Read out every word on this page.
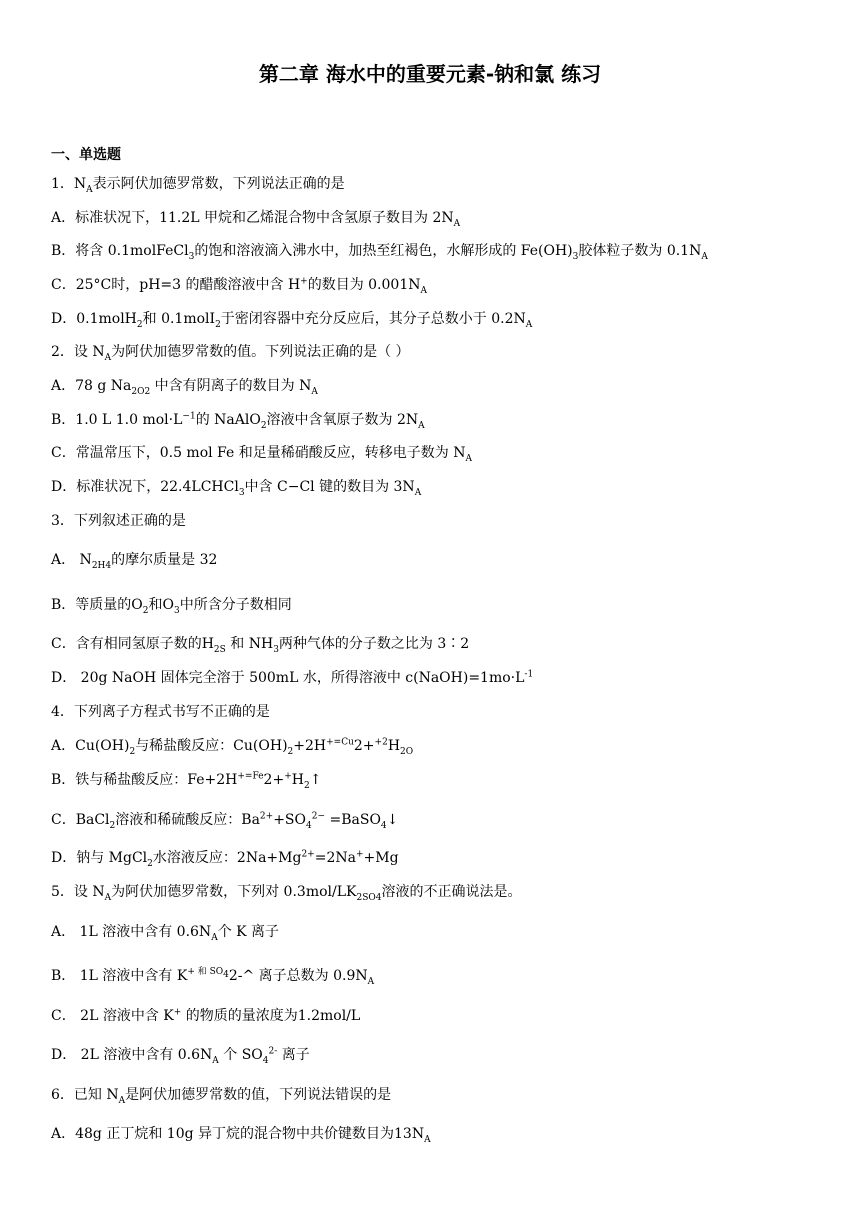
第二章 海水中的重要元素-钠和氯 练习
一、单选题
1．$N_A$表示阿伏加德罗常数，下列说法正确的是
A．标准状况下，11.2L 甲烷和乙烯混合物中含氢原子数目为 $2N_A$
B．将含 0.1molFeCl$_3$的饱和溶液滴入沸水中，加热至红褐色，水解形成的 $Fe(OH)_3$胶体粒子数为 $0.1N_A$
C．25°C时，pH=3 的醋酸溶液中含 H+的数目为 $0.001N_A$
D．0.1molH$_2$和 0.1molI$_2$于密闭容器中充分反应后，其分子总数小于 $0.2N_A$
2．设 $N_A$为阿伏加德罗常数的值。下列说法正确的是（ ）
A．78 g $Na_{2O2}$ 中含有阴离子的数目为 $N_A$
B．1.0 L 1.0 $mol\cdot L^{-1}$的 NaAlO$_2$溶液中含氧原子数为 $2N_A$
C．常温常压下，0.5 mol Fe 和足量稀硝酸反应，转移电子数为 $N_A$
D．标准状况下，22.4LCHCl$_3$中含 C−Cl 键的数目为 $3N_A$
3．下列叙述正确的是
A． $N_{2H4}$的摩尔质量是 32
B．等质量的$O_2$和$O_3$中所含分子数相同
C．含有相同氢原子数的$H_{2S}$ 和 $NH_3$两种气体的分子数之比为 3∶2
D． 20g NaOH 固体完全溶于 500mL 水，所得溶液中 $c(NaOH)=1mo\cdot L^{-1}$
4．下列离子方程式书写不正确的是
A．$Cu(OH)_2$与稀盐酸反应：$Cu(OH)_2+2H^{+=Cu}2+^{+2}H_{2O}$
B．铁与稀盐酸反应：$Fe+2H^{+=Fe}2+^+H_2↑$
C．BaCl$_2$溶液和稀硫酸反应：$Ba^{2+}+SO_4^{2-}$ =BaSO$_4$↓
D．钠与 MgCl$_2$水溶液反应：$2Na+Mg^{2+}=2Na^++Mg$
5．设 $N_A$为阿伏加德罗常数，下列对 $0.3mol/LK_{2SO4}$溶液的不正确说法是。
A． 1L 溶液中含有 $0.6N_A$个 K 离子
B． 1L 溶液中含有 $K^{+ 和 SO_4}2-\^{}$ 离子总数为 $0.9N_A$
C． 2L 溶液中含 K+ 的物质的量浓度为1.2mol/L
D． 2L 溶液中含有 $0.6N_A$ 个 $SO_4^{2-}$ 离子
6．已知 $N_A$是阿伏加德罗常数的值，下列说法错误的是
A．48g 正丁烷和 10g 异丁烷的混合物中共价键数目为$13N_A$
